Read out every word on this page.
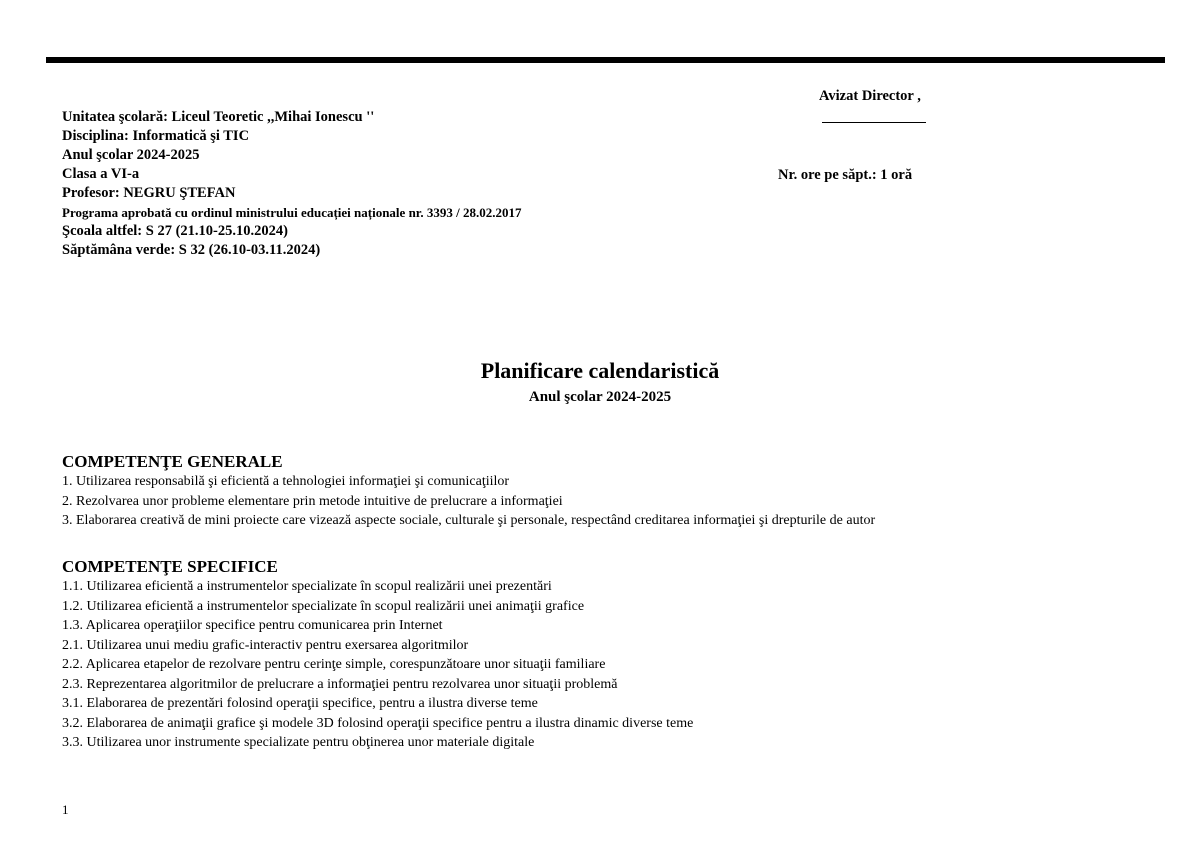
Unitatea şcolară: Liceul Teoretic ,,Mihai Ionescu ''
Disciplina: Informatică şi TIC
Anul şcolar 2024-2025
Clasa a VI-a
Profesor: NEGRU ŞTEFAN
Programa aprobată cu ordinul ministrului educației naționale nr. 3393 / 28.02.2017
Şcoala altfel: S 27 (21.10-25.10.2024)
Săptămâna verde: S 32 (26.10-03.11.2024)
Avizat Director ,
Nr. ore pe săpt.: 1 oră
Planificare calendaristică
Anul şcolar 2024-2025
COMPETENŢE GENERALE
1. Utilizarea responsabilă şi eficientă a tehnologiei informaţiei şi comunicaţiilor
2. Rezolvarea unor probleme elementare prin metode intuitive de prelucrare a informaţiei
3. Elaborarea creativă de mini proiecte care vizează aspecte sociale, culturale şi personale, respectând creditarea informaţiei şi drepturile de autor
COMPETENŢE SPECIFICE
1.1. Utilizarea eficientă a instrumentelor specializate în scopul realizării unei prezentări
1.2. Utilizarea eficientă a instrumentelor specializate în scopul realizării unei animaţii grafice
1.3. Aplicarea operaţiilor specifice pentru comunicarea prin Internet
2.1. Utilizarea unui mediu grafic-interactiv pentru exersarea algoritmilor
2.2. Aplicarea etapelor de rezolvare pentru cerinţe simple, corespunzătoare unor situaţii familiare
2.3. Reprezentarea algoritmilor de prelucrare a informaţiei pentru rezolvarea unor situaţii problemă
3.1. Elaborarea de prezentări folosind operaţii specifice, pentru a ilustra diverse teme
3.2. Elaborarea de animaţii grafice şi modele 3D folosind operaţii specifice pentru a ilustra dinamic diverse teme
3.3. Utilizarea unor instrumente specializate pentru obţinerea unor materiale digitale
1
